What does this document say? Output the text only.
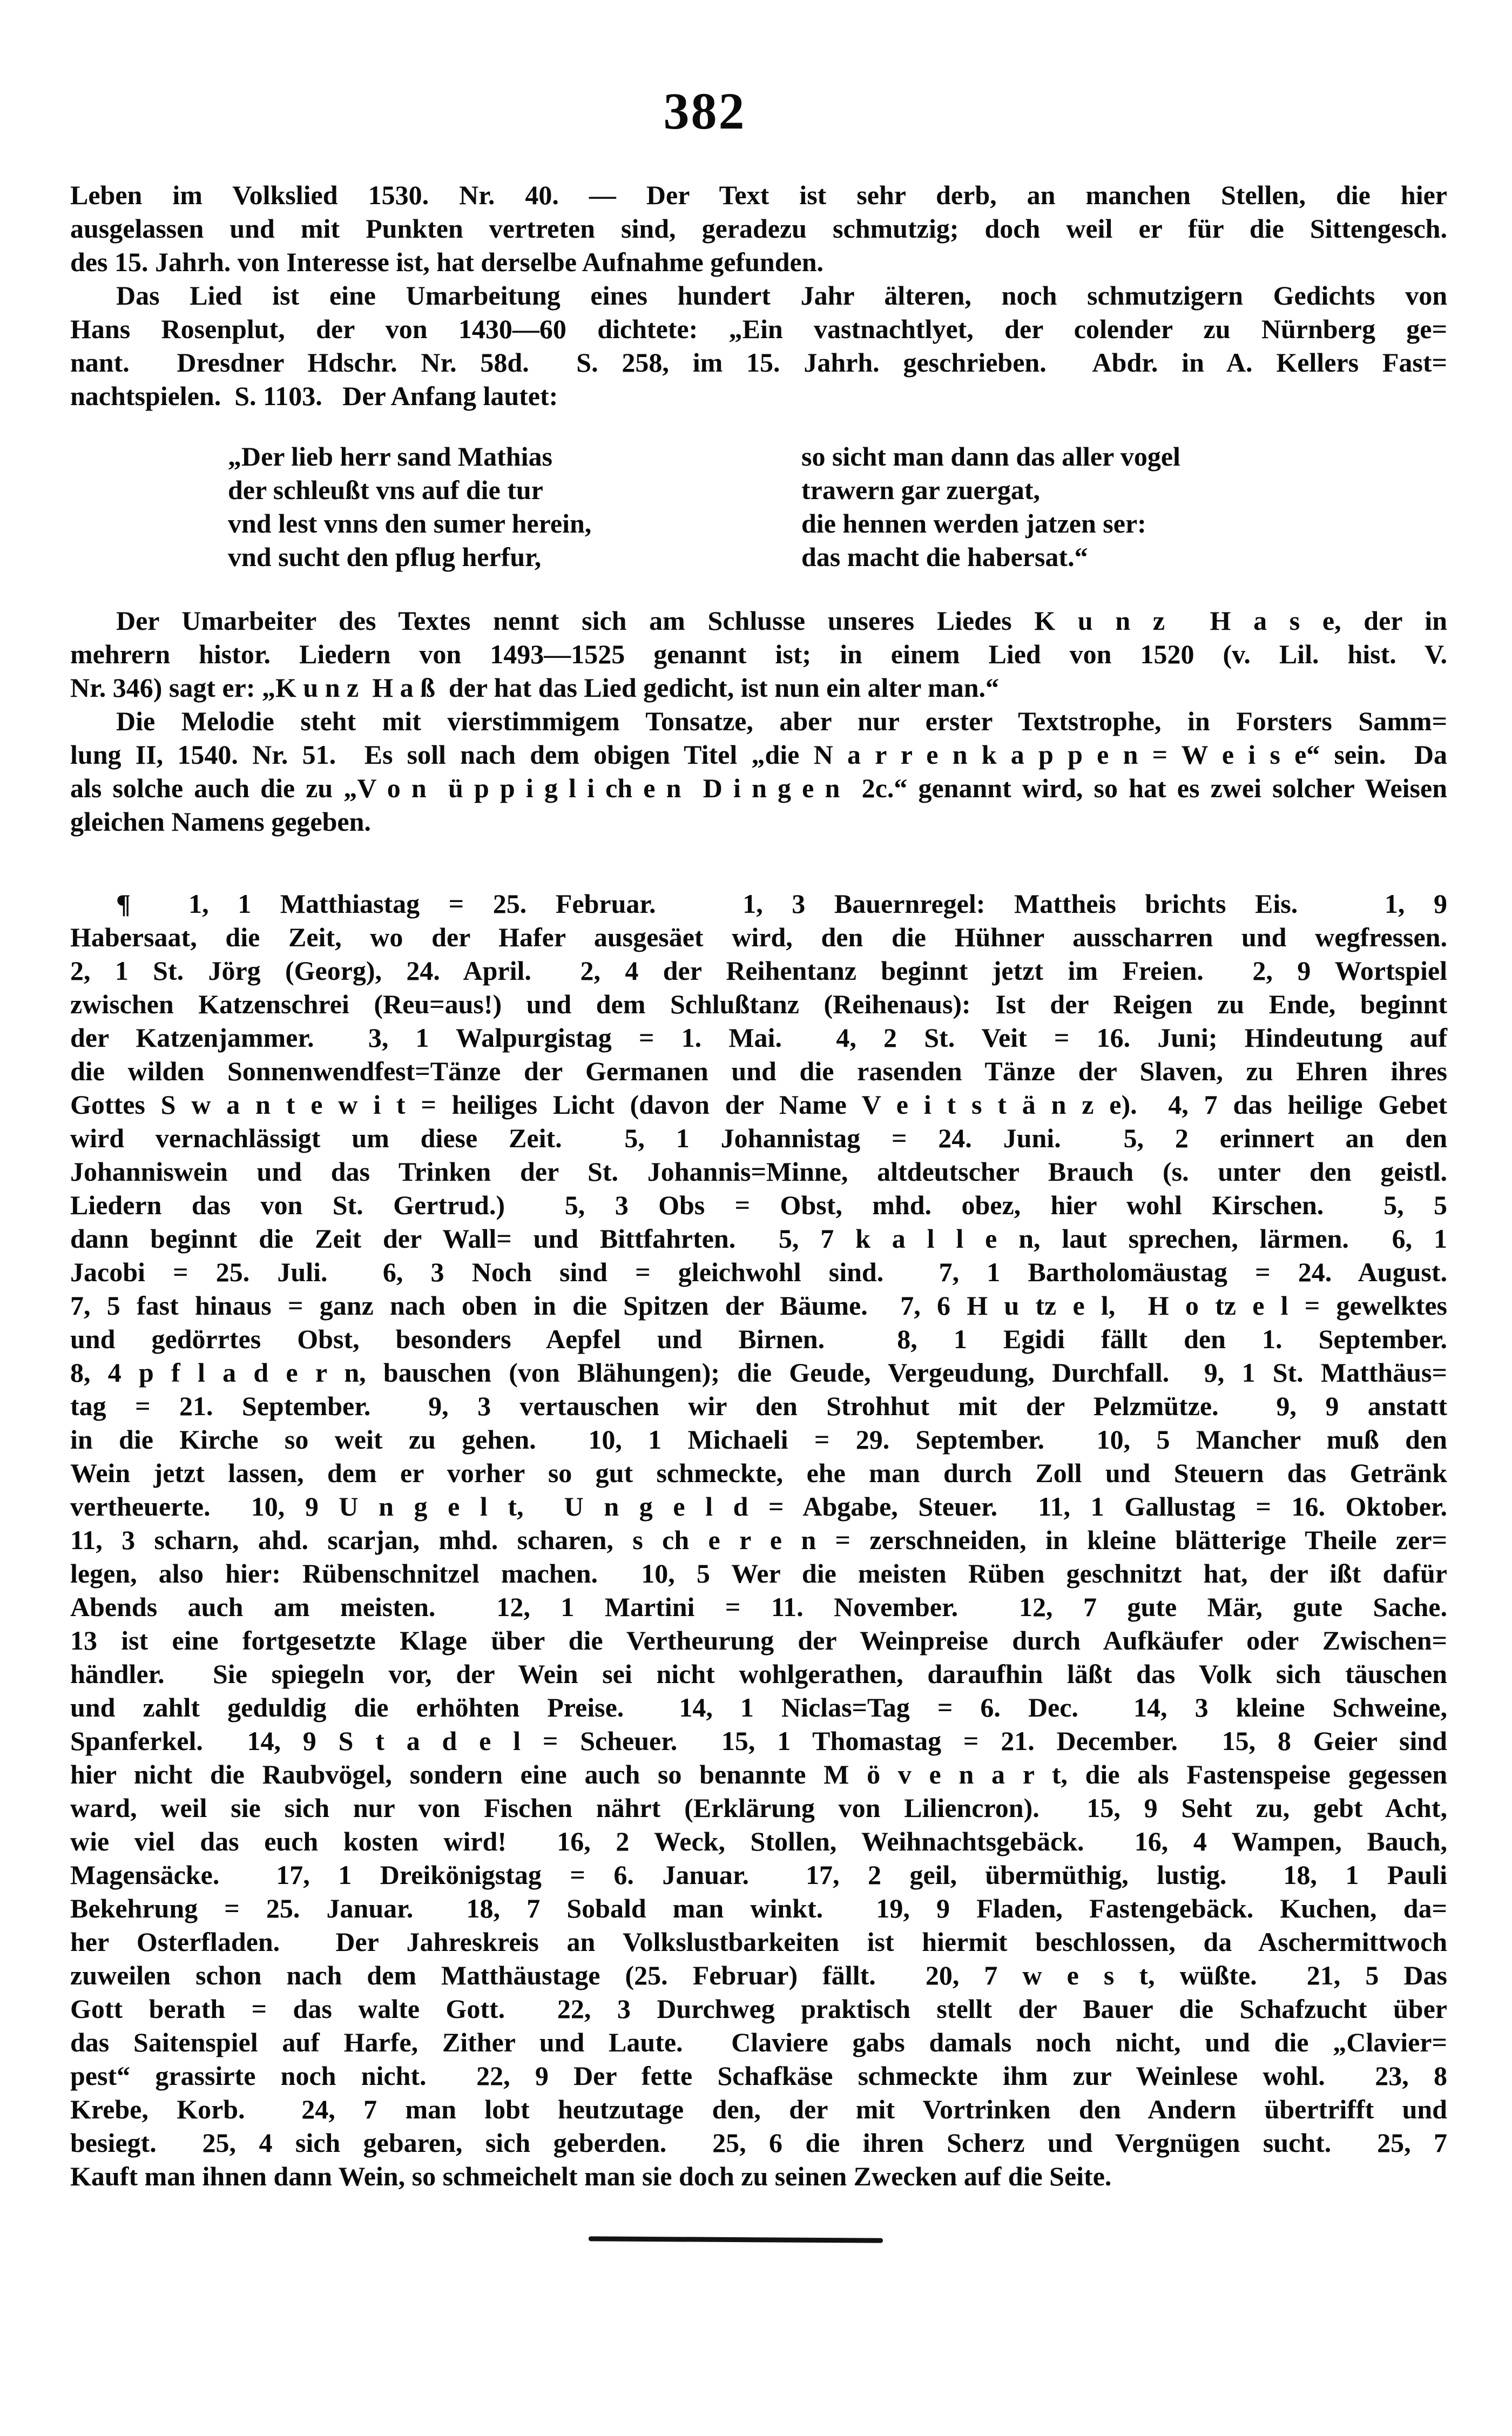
382
Leben im Volkslied 1530. Nr. 40. — Der Text ist sehr derb, an manchen Stellen, die hier
ausgelassen und mit Punkten vertreten sind, geradezu schmutzig; doch weil er für die Sittengesch.
des 15. Jahrh. von Interesse ist, hat derselbe Aufnahme gefunden.
Das Lied ist eine Umarbeitung eines hundert Jahr älteren, noch schmutzigern Gedichts von
Hans Rosenplut, der von 1430—60 dichtete: „Ein vastnachtlyet, der colender zu Nürnberg ge=
nant.  Dresdner Hdschr. Nr. 58d.  S. 258, im 15. Jahrh. geschrieben.  Abdr. in A. Kellers Fast=
nachtspielen.  S. 1103.   Der Anfang lautet:
„Der lieb herr sand Mathias
der schleußt vns auf die tur
vnd lest vnns den sumer herein,
vnd sucht den pflug herfur,
so sicht man dann das aller vogel
trawern gar zuergat,
die hennen werden jatzen ser:
das macht die habersat.“
Der Umarbeiter des Textes nennt sich am Schlusse unseres Liedes K u n z  H a s e, der in
mehrern histor. Liedern von 1493—1525 genannt ist; in einem Lied von 1520 (v. Lil. hist. V.
Nr. 346) sagt er: „K u n z  H a ß  der hat das Lied gedicht, ist nun ein alter man.“
Die Melodie steht mit vierstimmigem Tonsatze, aber nur erster Textstrophe, in Forsters Samm=
lung II, 1540. Nr. 51.  Es soll nach dem obigen Titel „die N a r r e n k a p p e n = W e i s e“ sein.  Da
als solche auch die zu „V o n  ü p p i g l i ch e n  D i n g e n  2c.“ genannt wird, so hat es zwei solcher Weisen
gleichen Namens gegeben.
¶  1, 1 Matthiastag = 25. Februar.   1, 3 Bauernregel: Mattheis brichts Eis.   1, 9
Habersaat, die Zeit, wo der Hafer ausgesäet wird, den die Hühner ausscharren und wegfressen.
2, 1 St. Jörg (Georg), 24. April.  2, 4 der Reihentanz beginnt jetzt im Freien.  2, 9 Wortspiel
zwischen Katzenschrei (Reu=aus!) und dem Schlußtanz (Reihenaus): Ist der Reigen zu Ende, beginnt
der Katzenjammer.  3, 1 Walpurgistag = 1. Mai.  4, 2 St. Veit = 16. Juni; Hindeutung auf
die wilden Sonnenwendfest=Tänze der Germanen und die rasenden Tänze der Slaven, zu Ehren ihres
Gottes S w a n t e w i t = heiliges Licht (davon der Name V e i t s t ä n z e).  4, 7 das heilige Gebet
wird vernachlässigt um diese Zeit.  5, 1 Johannistag = 24. Juni.  5, 2 erinnert an den
Johanniswein und das Trinken der St. Johannis=Minne, altdeutscher Brauch (s. unter den geistl.
Liedern das von St. Gertrud.)  5, 3 Obs = Obst, mhd. obez, hier wohl Kirschen.  5, 5
dann beginnt die Zeit der Wall= und Bittfahrten.  5, 7 k a l l e n, laut sprechen, lärmen.  6, 1
Jacobi = 25. Juli.  6, 3 Noch sind = gleichwohl sind.  7, 1 Bartholomäustag = 24. August.
7, 5 fast hinaus = ganz nach oben in die Spitzen der Bäume.  7, 6 H u tz e l,  H o tz e l = gewelktes
und gedörrtes Obst, besonders Aepfel und Birnen.  8, 1 Egidi fällt den 1. September.
8, 4 p f l a d e r n, bauschen (von Blähungen); die Geude, Vergeudung, Durchfall.  9, 1 St. Matthäus=
tag = 21. September.  9, 3 vertauschen wir den Strohhut mit der Pelzmütze.  9, 9 anstatt
in die Kirche so weit zu gehen.  10, 1 Michaeli = 29. September.  10, 5 Mancher muß den
Wein jetzt lassen, dem er vorher so gut schmeckte, ehe man durch Zoll und Steuern das Getränk
vertheuerte.  10, 9 U n g e l t,  U n g e l d = Abgabe, Steuer.  11, 1 Gallustag = 16. Oktober.
11, 3 scharn, ahd. scarjan, mhd. scharen, s ch e r e n = zerschneiden, in kleine blätterige Theile zer=
legen, also hier: Rübenschnitzel machen.  10, 5 Wer die meisten Rüben geschnitzt hat, der ißt dafür
Abends auch am meisten.  12, 1 Martini = 11. November.  12, 7 gute Mär, gute Sache.
13 ist eine fortgesetzte Klage über die Vertheurung der Weinpreise durch Aufkäufer oder Zwischen=
händler.  Sie spiegeln vor, der Wein sei nicht wohlgerathen, daraufhin läßt das Volk sich täuschen
und zahlt geduldig die erhöhten Preise.  14, 1 Niclas=Tag = 6. Dec.  14, 3 kleine Schweine,
Spanferkel.  14, 9 S t a d e l = Scheuer.  15, 1 Thomastag = 21. December.  15, 8 Geier sind
hier nicht die Raubvögel, sondern eine auch so benannte M ö v e n a r t, die als Fastenspeise gegessen
ward, weil sie sich nur von Fischen nährt (Erklärung von Liliencron).  15, 9 Seht zu, gebt Acht,
wie viel das euch kosten wird!  16, 2 Weck, Stollen, Weihnachtsgebäck.  16, 4 Wampen, Bauch,
Magensäcke.  17, 1 Dreikönigstag = 6. Januar.  17, 2 geil, übermüthig, lustig.  18, 1 Pauli
Bekehrung = 25. Januar.  18, 7 Sobald man winkt.  19, 9 Fladen, Fastengebäck. Kuchen, da=
her Osterfladen.  Der Jahreskreis an Volkslustbarkeiten ist hiermit beschlossen, da Aschermittwoch
zuweilen schon nach dem Matthäustage (25. Februar) fällt.  20, 7 w e s t, wüßte.  21, 5 Das
Gott berath = das walte Gott.  22, 3 Durchweg praktisch stellt der Bauer die Schafzucht über
das Saitenspiel auf Harfe, Zither und Laute.  Claviere gabs damals noch nicht, und die „Clavier=
pest“ grassirte noch nicht.  22, 9 Der fette Schafkäse schmeckte ihm zur Weinlese wohl.  23, 8
Krebe, Korb.  24, 7 man lobt heutzutage den, der mit Vortrinken den Andern übertrifft und
besiegt.  25, 4 sich gebaren, sich geberden.  25, 6 die ihren Scherz und Vergnügen sucht.  25, 7
Kauft man ihnen dann Wein, so schmeichelt man sie doch zu seinen Zwecken auf die Seite.
